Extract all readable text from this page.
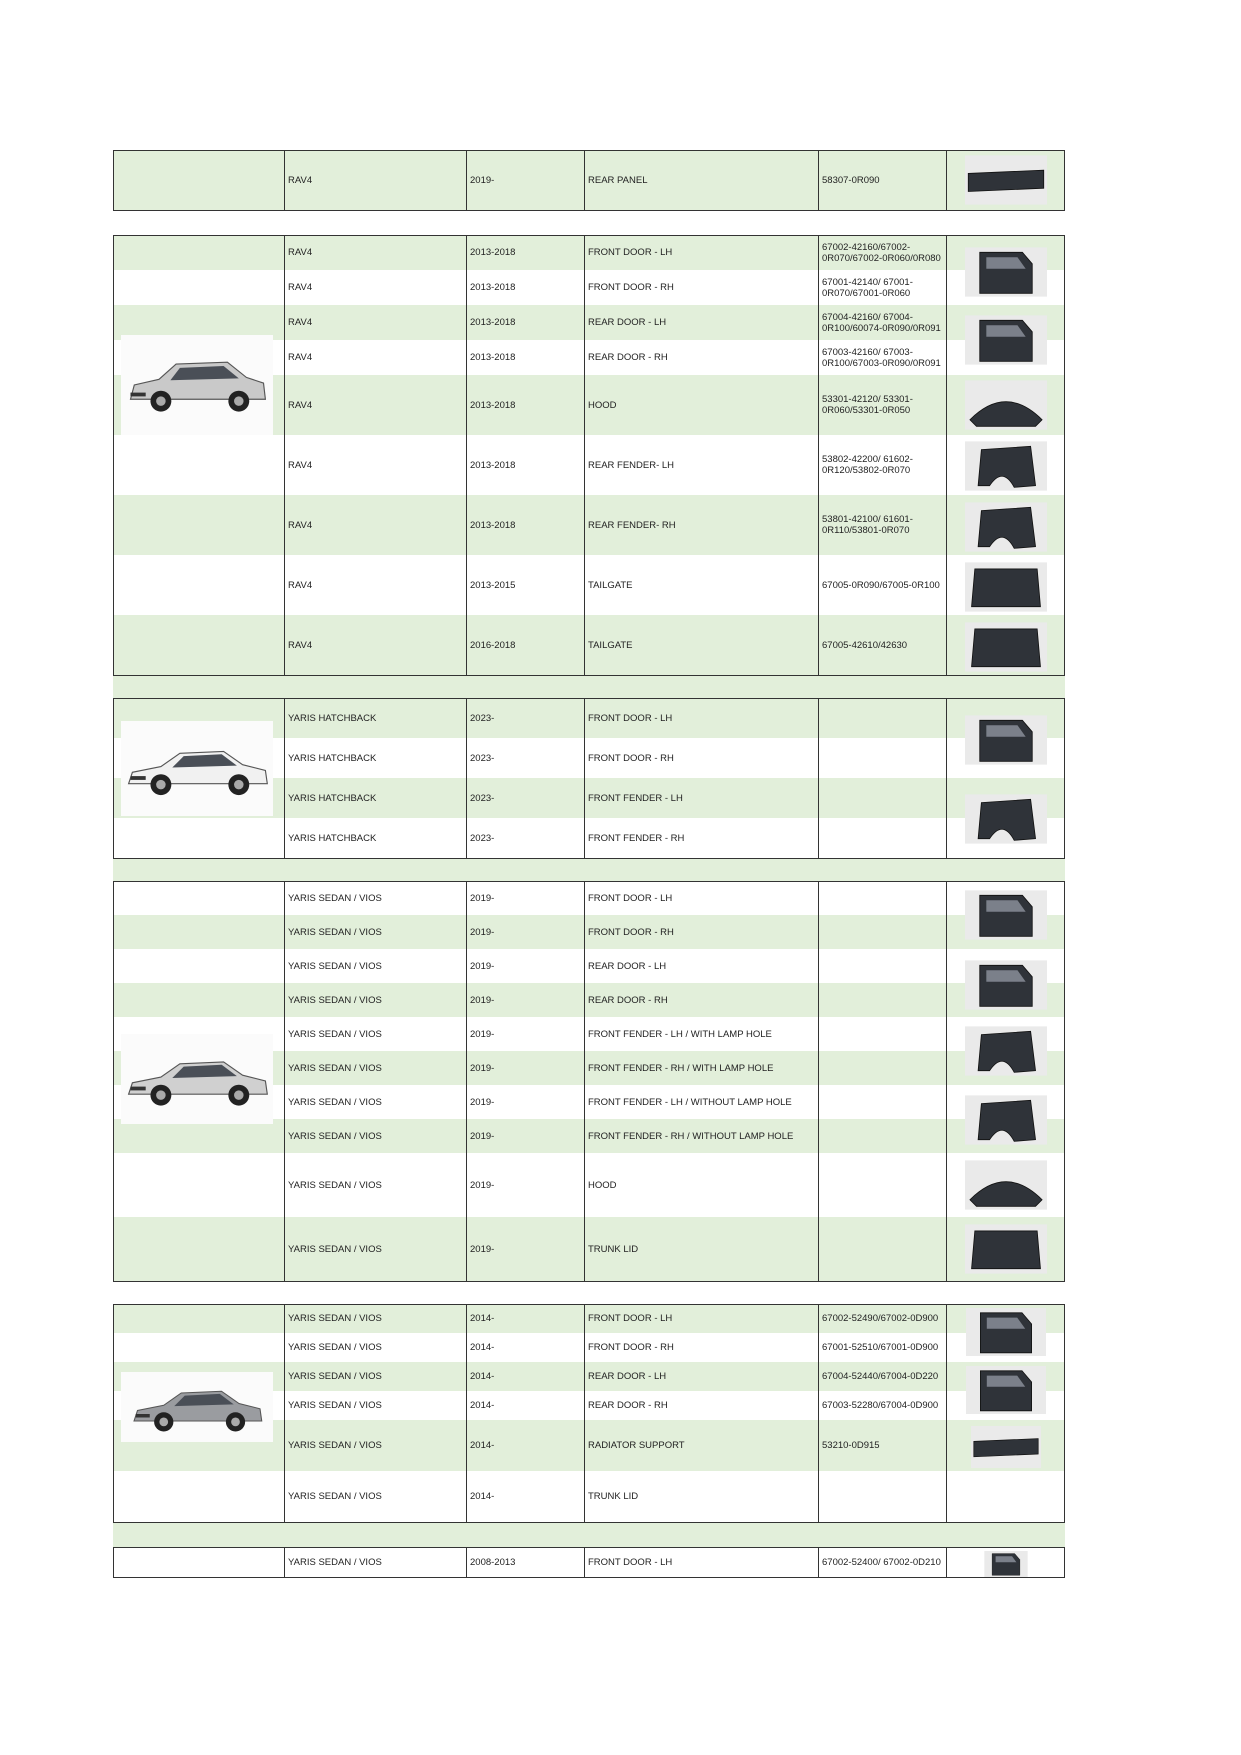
RAV4	2019-	REAR PANEL	58307-0R090
RAV4	2013-2018	FRONT DOOR - LH	67002-42160/67002-0R070/67002-0R060/0R080
RAV4	2013-2018	FRONT DOOR - RH	67001-42140/ 67001-0R070/67001-0R060
RAV4	2013-2018	REAR DOOR - LH	67004-42160/ 67004-0R100/60074-0R090/0R091
RAV4	2013-2018	REAR DOOR - RH	67003-42160/ 67003-0R100/67003-0R090/0R091
RAV4	2013-2018	HOOD	53301-42120/ 53301-0R060/53301-0R050
RAV4	2013-2018	REAR FENDER- LH	53802-42200/ 61602-0R120/53802-0R070
RAV4	2013-2018	REAR FENDER- RH	53801-42100/ 61601-0R110/53801-0R070
RAV4	2013-2015	TAILGATE	67005-0R090/67005-0R100
RAV4	2016-2018	TAILGATE	67005-42610/42630
YARIS HATCHBACK	2023-	FRONT DOOR - LH
YARIS HATCHBACK	2023-	FRONT DOOR - RH
YARIS HATCHBACK	2023-	FRONT FENDER - LH
YARIS HATCHBACK	2023-	FRONT FENDER - RH
YARIS SEDAN / VIOS	2019-	FRONT DOOR - LH
YARIS SEDAN / VIOS	2019-	FRONT DOOR - RH
YARIS SEDAN / VIOS	2019-	REAR DOOR - LH
YARIS SEDAN / VIOS	2019-	REAR DOOR - RH
YARIS SEDAN / VIOS	2019-	FRONT FENDER - LH / WITH LAMP HOLE
YARIS SEDAN / VIOS	2019-	FRONT FENDER - RH / WITH LAMP HOLE
YARIS SEDAN / VIOS	2019-	FRONT FENDER - LH / WITHOUT LAMP HOLE
YARIS SEDAN / VIOS	2019-	FRONT FENDER - RH / WITHOUT LAMP HOLE
YARIS SEDAN / VIOS	2019-	HOOD
YARIS SEDAN / VIOS	2019-	TRUNK LID
YARIS SEDAN / VIOS	2014-	FRONT DOOR - LH	67002-52490/67002-0D900
YARIS SEDAN / VIOS	2014-	FRONT DOOR - RH	67001-52510/67001-0D900
YARIS SEDAN / VIOS	2014-	REAR DOOR - LH	67004-52440/67004-0D220
YARIS SEDAN / VIOS	2014-	REAR DOOR - RH	67003-52280/67004-0D900
YARIS SEDAN / VIOS	2014-	RADIATOR SUPPORT	53210-0D915
YARIS SEDAN / VIOS	2014-	TRUNK LID
YARIS SEDAN / VIOS	2008-2013	FRONT DOOR - LH	67002-52400/ 67002-0D210
